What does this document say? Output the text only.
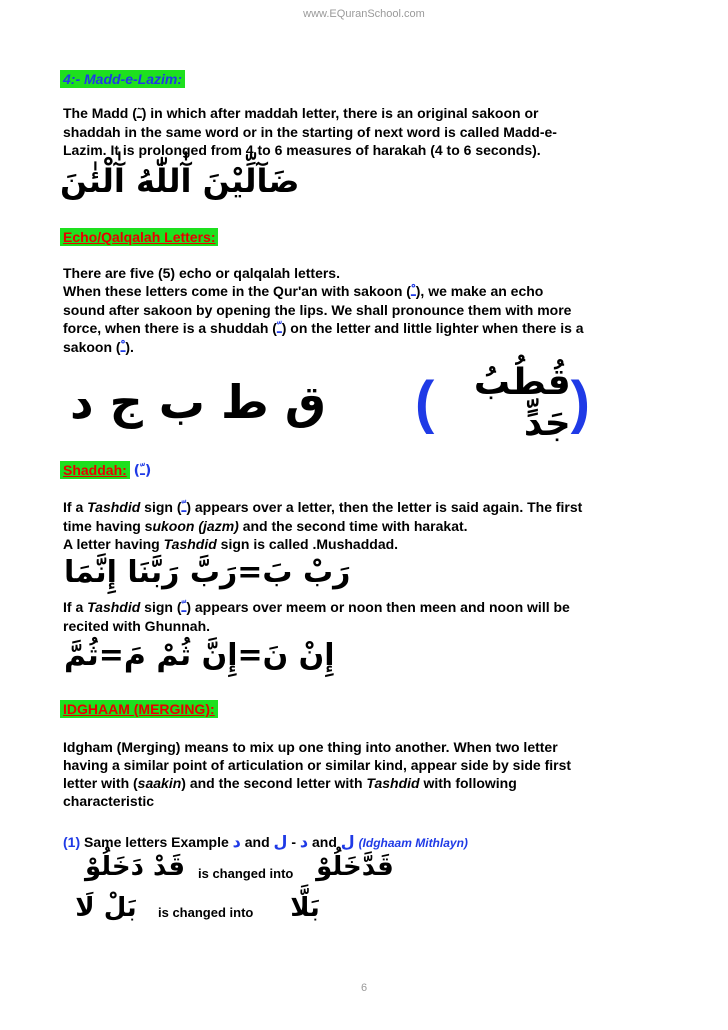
www.EQuranSchool.com
4:- Madd-e-Lazim:
The Madd (ـٓ) in which after maddah letter, there is an original sakoon or
shaddah in the same word or in the starting of next word is called Madd-e-
Lazim. It is prolonged from 4 to 6 measures of harakah (4 to 6 seconds).
ضَآلِّيْنَ آٰللّٰهُ آٰلْئٰنَ
Echo/Qalqalah Letters:
There are five (5) echo or qalqalah letters.
When these letters come in the Qur'an with sakoon (ـْ), we make an echo
sound after sakoon by opening the lips. We shall pronounce them with more
force, when there is a shuddah (ـّ) on the letter and little lighter when there is a
sakoon (ـْ).
ق ط ب ج د (	قُطُبُ جَدٍّ )
Shaddah: (ـّ)
If a Tashdid sign (ـّ) appears over a letter, then the letter is said again. The first
time having sukoon (jazm) and the second time with harakat.
A letter having Tashdid sign is called .Mushaddad.
رَبْ بَ=رَبَّ رَبَّنَا إِنَّمَا
If a Tashdid sign (ـّ) appears over meem or noon then meen and noon will be
recited with Ghunnah.
إِنْ نَ=إِنَّ ثُمْ مَ=ثُمَّ
IDGHAAM (MERGING):
Idgham (Merging) means to mix up one thing into another. When two letter
having a similar point of articulation or similar kind, appear side by side first
letter with (saakin) and the second letter with Tashdid with following
characteristic
(1) Same letters Example د and د - ل and ل (Idghaam Mithlayn)
قَدْ دَخَلُوْ is changed into قَدَّخَلُوْ
بَلْ لَا	is changed into	بَلَّا
6
